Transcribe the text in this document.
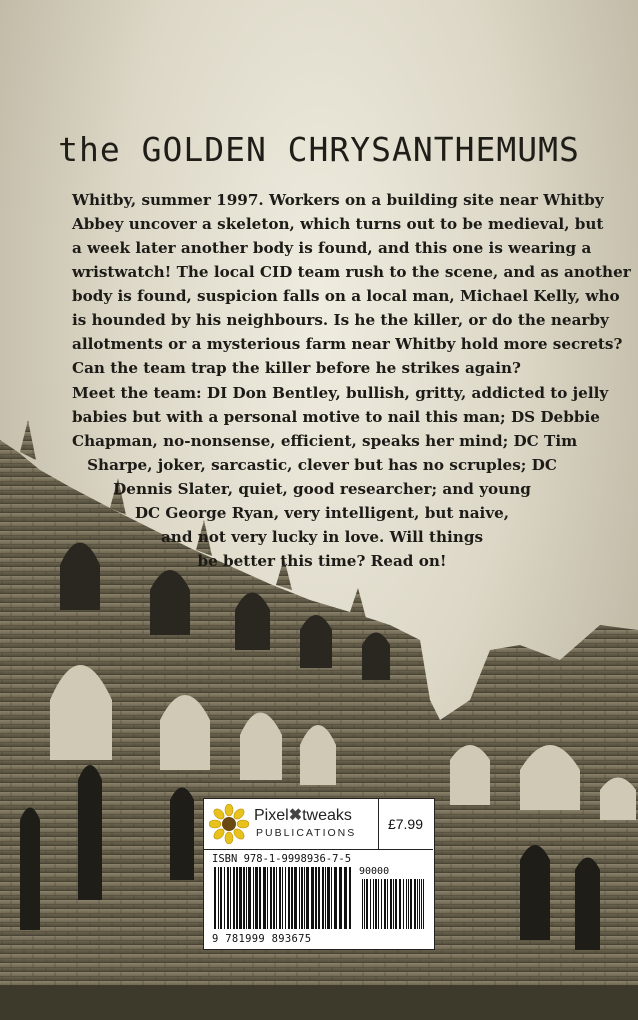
the GOLDEN CHRYSANTHEMUMS

Whitby, summer 1997. Workers on a building site near Whitby
Abbey uncover a skeleton, which turns out to be medieval, but
a week later another body is found, and this one is wearing a
wristwatch! The local CID team rush to the scene, and as another
body is found, suspicion falls on a local man, Michael Kelly, who
is hounded by his neighbours. Is he the killer, or do the nearby
allotments or a mysterious farm near Whitby hold more secrets?
Can the team trap the killer before he strikes again?

Meet the team: DI Don Bentley, bullish, gritty, addicted to jelly
babies but with a personal motive to nail this man; DS Debbie
Chapman, no-nonsense, efficient, speaks her mind; DC Tim
Sharpe, joker, sarcastic, clever but has no scruples; DC
Dennis Slater, quiet, good researcher; and young
DC George Ryan, very intelligent, but naive,
and not very lucky in love. Will things
be better this time? Read on!

Pixel✖tweaks
PUBLICATIONS
£7.99
ISBN 978-1-9998936-7-5
90000
9 781999 893675
